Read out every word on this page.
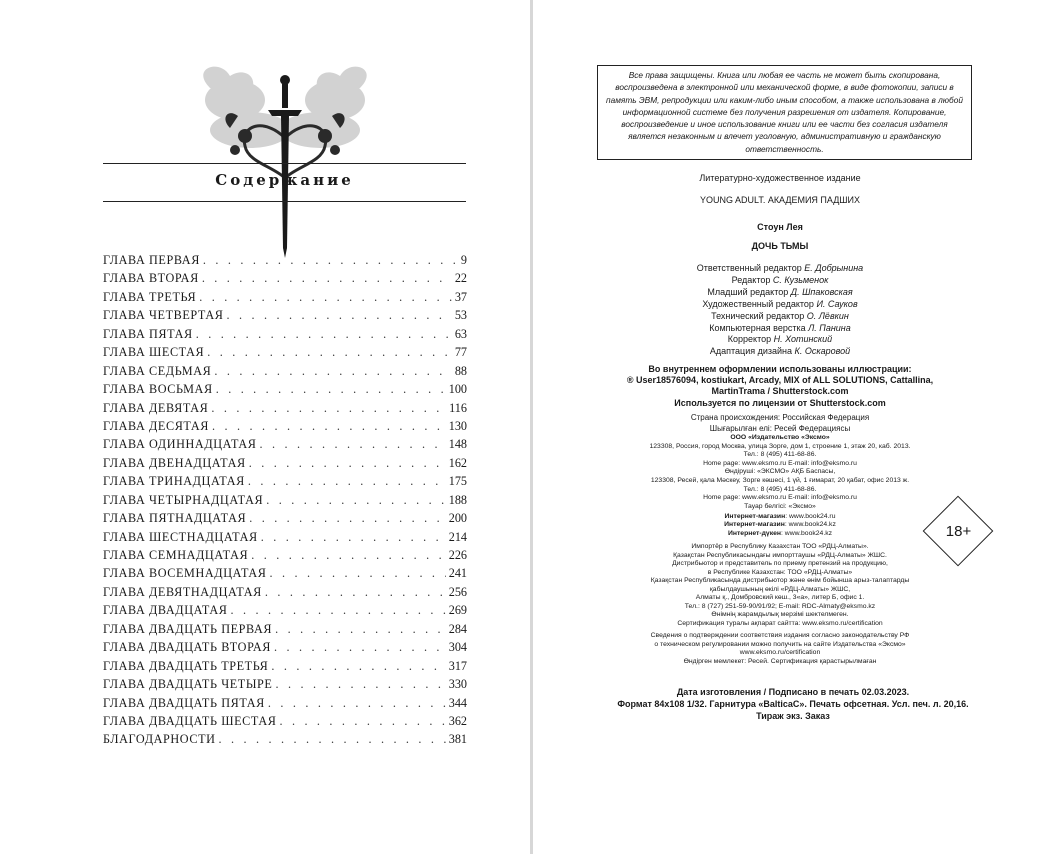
Содержание
ГЛАВА ПЕРВАЯ . . .	9
ГЛАВА ВТОРАЯ . . .	22
ГЛАВА ТРЕТЬЯ . . .	37
ГЛАВА ЧЕТВЕРТАЯ . . .	53
ГЛАВА ПЯТАЯ . . .	63
ГЛАВА ШЕСТАЯ . . .	77
ГЛАВА СЕДЬМАЯ . . .	88
ГЛАВА ВОСЬМАЯ . . .	100
ГЛАВА ДЕВЯТАЯ . . .	116
ГЛАВА ДЕСЯТАЯ . . .	130
ГЛАВА ОДИННАДЦАТАЯ . . .	148
ГЛАВА ДВЕНАДЦАТАЯ . . .	162
ГЛАВА ТРИНАДЦАТАЯ . . .	175
ГЛАВА ЧЕТЫРНАДЦАТАЯ . . .	188
ГЛАВА ПЯТНАДЦАТАЯ . . .	200
ГЛАВА ШЕСТНАДЦАТАЯ . . .	214
ГЛАВА СЕМНАДЦАТАЯ . . .	226
ГЛАВА ВОСЕМНАДЦАТАЯ . . .	241
ГЛАВА ДЕВЯТНАДЦАТАЯ . . .	256
ГЛАВА ДВАДЦАТАЯ . . .	269
ГЛАВА ДВАДЦАТЬ ПЕРВАЯ . . .	284
ГЛАВА ДВАДЦАТЬ ВТОРАЯ . . .	304
ГЛАВА ДВАДЦАТЬ ТРЕТЬЯ . . .	317
ГЛАВА ДВАДЦАТЬ ЧЕТЫРЕ . . .	330
ГЛАВА ДВАДЦАТЬ ПЯТАЯ . . .	344
ГЛАВА ДВАДЦАТЬ ШЕСТАЯ . . .	362
БЛАГОДАРНОСТИ . . .	381
Все права защищены. Книга или любая ее часть не может быть скопирована, воспроизведена в электронной или механической форме, в виде фотокопии, записи в память ЭВМ, репродукции или каким-либо иным способом, а также использована в любой информационной системе без получения разрешения от издателя. Копирование, воспроизведение и иное использование книги или ее части без согласия издателя является незаконным и влечет уголовную, административную и гражданскую ответственность.
Литературно-художественное издание
YOUNG ADULT. АКАДЕМИЯ ПАДШИХ
Стоун Лея
ДОЧЬ ТЬМЫ
Ответственный редактор Е. Добрынина
Редактор С. Кузьменок
Младший редактор Д. Шпаковская
Художественный редактор И. Сауков
Технический редактор О. Лёвкин
Компьютерная верстка Л. Панина
Корректор Н. Хотинский
Адаптация дизайна К. Оскаровой
Во внутреннем оформлении использованы иллюстрации:
® User18576094, kostiukart, Arcady, MIX of ALL SOLUTIONS, Cattallina,
MartinTrama / Shutterstock.com
Используется по лицензии от Shutterstock.com
Страна происхождения: Российская Федерация
Шығарылған елі: Ресей Федерациясы
ООО «Издательство «Эксмо»
123308, Россия, город Москва, улица Зорге, дом 1, строение 1, этаж 20, каб. 2013.
Тел.: 8 (495) 411-68-86.
Home page: www.eksmo.ru E-mail: info@eksmo.ru
Өндіруші: «ЭКСМО» АҚБ Баспасы,
123308, Ресей, қала Мәскеу, Зорге көшесі, 1 үй, 1 ғимарат, 20 қабат, офис 2013 ж.
Тел.: 8 (495) 411-68-86.
Home page: www.eksmo.ru E-mail: info@eksmo.ru
Тауар белгісі: «Эксмо»
Интернет-магазин: www.book24.ru
Интернет-магазин: www.book24.kz
Интернет-дүкен: www.book24.kz
Импортёр в Республику Казахстан ТОО «РДЦ-Алматы».
Қазақстан Республикасындағы импорттаушы «РДЦ-Алматы» ЖШС.
Дистрибьютор и представитель по приему претензий на продукцию,
в Республике Казахстан: ТОО «РДЦ-Алматы»
Қазақстан Республикасында дистрибьютор және өнім бойынша арыз-талаптарды
қабылдаушының өкілі «РДЦ-Алматы» ЖШС,
Алматы қ., Домбровский көш., 3«а», литер Б, офис 1.
Тел.: 8 (727) 251-59-90/91/92; E-mail: RDC-Almaty@eksmo.kz
Өнімнің жарамдылық мерзімі шектелмеген.
Сертификация туралы ақпарат сайтта: www.eksmo.ru/certification
Сведения о подтверждении соответствия издания согласно законодательству РФ
о техническом регулировании можно получить на сайте Издательства «Эксмо»
www.eksmo.ru/certification
Өндірген мемлекет: Ресей. Сертификация қарастырылмаған
18+
Дата изготовления / Подписано в печать 02.03.2023.
Формат 84x108 1/32. Гарнитура «BalticaC». Печать офсетная. Усл. печ. л. 20,16.
Тираж экз. Заказ
